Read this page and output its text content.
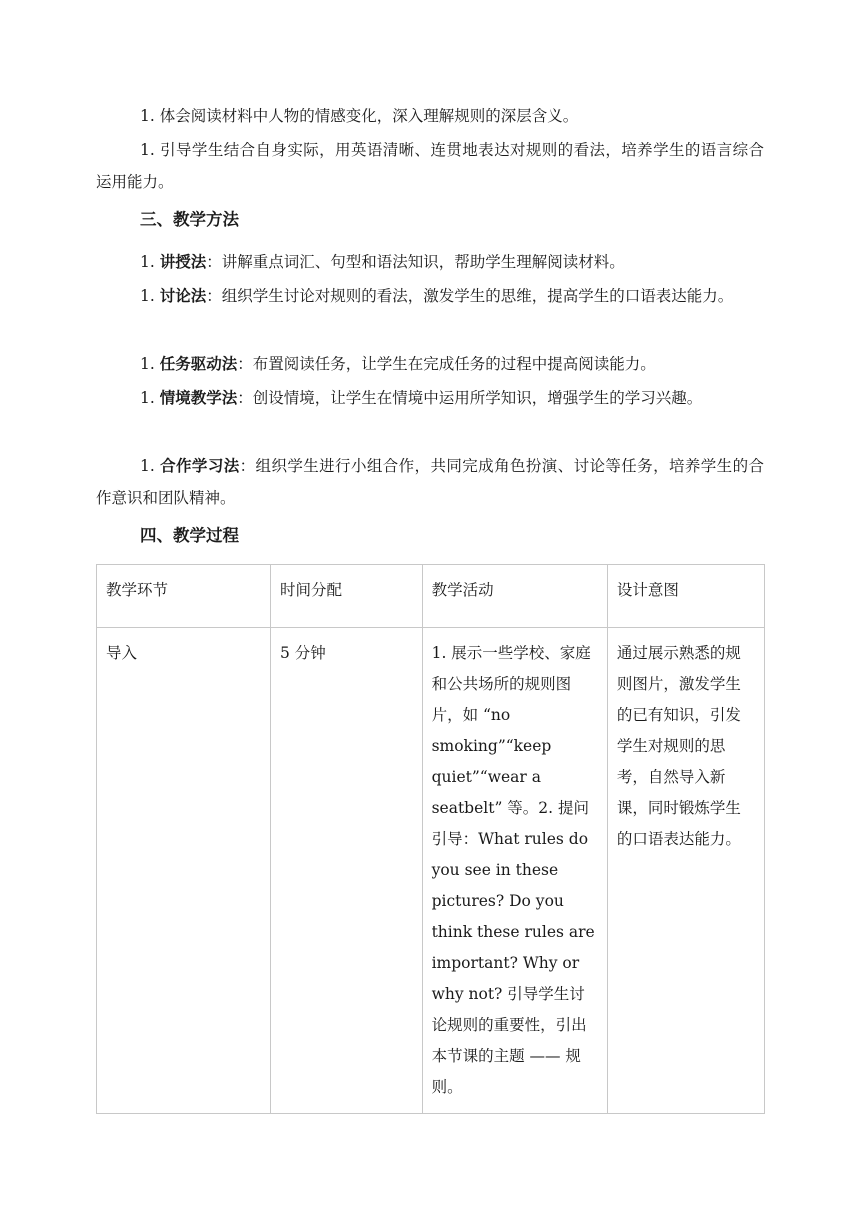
1. 体会阅读材料中人物的情感变化，深入理解规则的深层含义。

1. 引导学生结合自身实际，用英语清晰、连贯地表达对规则的看法，培养学生的语言综合运用能力。

三、教学方法

1. 讲授法：讲解重点词汇、句型和语法知识，帮助学生理解阅读材料。

1. 讨论法：组织学生讨论对规则的看法，激发学生的思维，提高学生的口语表达能力。

1. 任务驱动法：布置阅读任务，让学生在完成任务的过程中提高阅读能力。

1. 情境教学法：创设情境，让学生在情境中运用所学知识，增强学生的学习兴趣。

1. 合作学习法：组织学生进行小组合作，共同完成角色扮演、讨论等任务，培养学生的合作意识和团队精神。

四、教学过程
教学环节	时间分配	教学活动	设计意图
导入	5 分钟	1. 展示一些学校、家庭和公共场所的规则图片，如 “no smoking”“keep quiet”“wear a seatbelt” 等。2. 提问引导：What rules do you see in these pictures? Do you think these rules are important? Why or why not? 引导学生讨论规则的重要性，引出本节课的主题 —— 规则。	通过展示熟悉的规则图片，激发学生的已有知识，引发学生对规则的思考，自然导入新课，同时锻炼学生的口语表达能力。
